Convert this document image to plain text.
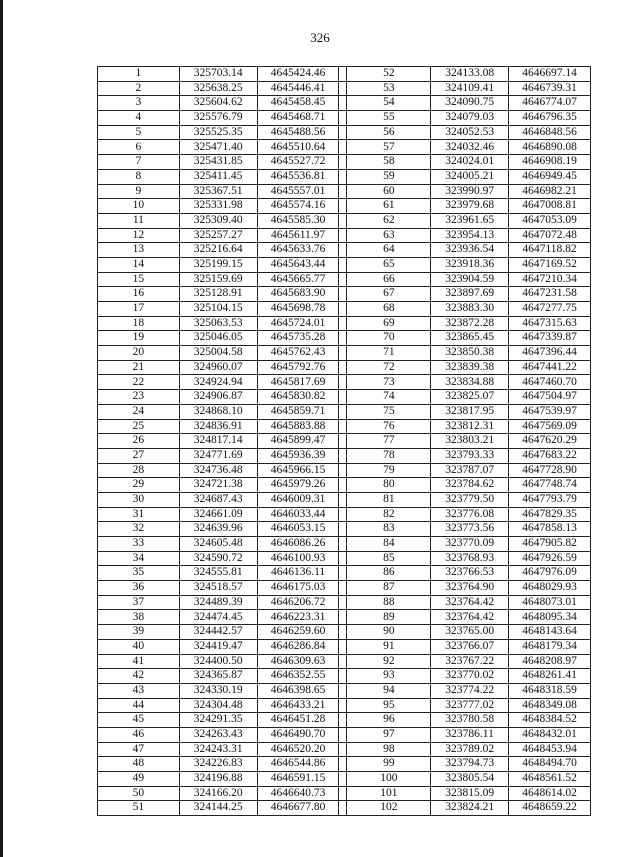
326
1	325703.14	4645424.46		52	324133.08	4646697.14
2	325638.25	4645446.41		53	324109.41	4646739.31
3	325604.62	4645458.45		54	324090.75	4646774.07
4	325576.79	4645468.71		55	324079.03	4646796.35
5	325525.35	4645488.56		56	324052.53	4646848.56
6	325471.40	4645510.64		57	324032.46	4646890.08
7	325431.85	4645527.72		58	324024.01	4646908.19
8	325411.45	4645536.81		59	324005.21	4646949.45
9	325367.51	4645557.01		60	323990.97	4646982.21
10	325331.98	4645574.16		61	323979.68	4647008.81
11	325309.40	4645585.30		62	323961.65	4647053.09
12	325257.27	4645611.97		63	323954.13	4647072.48
13	325216.64	4645633.76		64	323936.54	4647118.82
14	325199.15	4645643.44		65	323918.36	4647169.52
15	325159.69	4645665.77		66	323904.59	4647210.34
16	325128.91	4645683.90		67	323897.69	4647231.58
17	325104.15	4645698.78		68	323883.30	4647277.75
18	325063.53	4645724.01		69	323872.28	4647315.63
19	325046.05	4645735.28		70	323865.45	4647339.87
20	325004.58	4645762.43		71	323850.38	4647396.44
21	324960.07	4645792.76		72	323839.38	4647441.22
22	324924.94	4645817.69		73	323834.88	4647460.70
23	324906.87	4645830.82		74	323825.07	4647504.97
24	324868.10	4645859.71		75	323817.95	4647539.97
25	324836.91	4645883.88		76	323812.31	4647569.09
26	324817.14	4645899.47		77	323803.21	4647620.29
27	324771.69	4645936.39		78	323793.33	4647683.22
28	324736.48	4645966.15		79	323787.07	4647728.90
29	324721.38	4645979.26		80	323784.62	4647748.74
30	324687.43	4646009.31		81	323779.50	4647793.79
31	324661.09	4646033.44		82	323776.08	4647829.35
32	324639.96	4646053.15		83	323773.56	4647858.13
33	324605.48	4646086.26		84	323770.09	4647905.82
34	324590.72	4646100.93		85	323768.93	4647926.59
35	324555.81	4646136.11		86	323766.53	4647976.09
36	324518.57	4646175.03		87	323764.90	4648029.93
37	324489.39	4646206.72		88	323764.42	4648073.01
38	324474.45	4646223.31		89	323764.42	4648095.34
39	324442.57	4646259.60		90	323765.00	4648143.64
40	324419.47	4646286.84		91	323766.07	4648179.34
41	324400.50	4646309.63		92	323767.22	4648208.97
42	324365.87	4646352.55		93	323770.02	4648261.41
43	324330.19	4646398.65		94	323774.22	4648318.59
44	324304.48	4646433.21		95	323777.02	4648349.08
45	324291.35	4646451.28		96	323780.58	4648384.52
46	324263.43	4646490.70		97	323786.11	4648432.01
47	324243.31	4646520.20		98	323789.02	4648453.94
48	324226.83	4646544.86		99	323794.73	4648494.70
49	324196.88	4646591.15		100	323805.54	4648561.52
50	324166.20	4646640.73		101	323815.09	4648614.02
51	324144.25	4646677.80		102	323824.21	4648659.22
